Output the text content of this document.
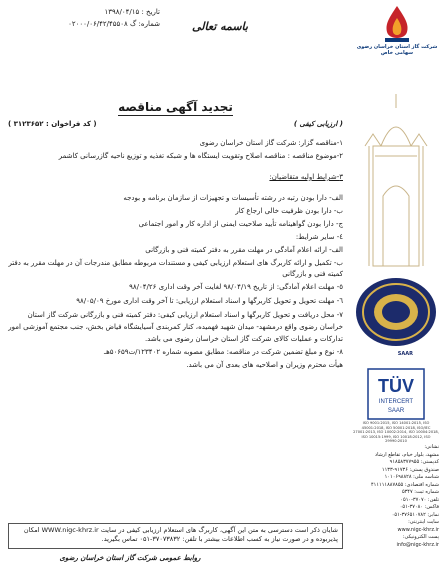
تاریخ : ۱۳۹۸/۰۴/۱۵
شماره: گ ۰۲۰۰۰/۰۶/۴۲/۴۵۵۰۸	باسمه تعالی
شرکت گاز استان خراسان رضوی
سهامی خاص
SAAR
TÜV
INTERCERT
SAAR
ISO 9001:2015, ISO 14001:2015, ISO 45001:2018, ISO 50001:2018, ISO/IEC 27001:2013, ISO 10002:2014, ISO 10004:2018, ISO 10015:1999, ISO 10018:2012, ISO 29990:2010
نشانی:
مشهد، بلوار خیام، تقاطع ارشاد
کدپستی: ۹۱۸۵۸۳۷۷۹۵۵
صندوق پستی: ۹۱۷۳۶-۱۱۳۳
شناسه ملی: ۱۰۱۰۶۹۸۸۲۸
شماره اقتصادی: ۴۱۱۱۱۱۸۸۷۸۵۵
شماره ثبت: ۵۳۴۷
تلفن: ۳۷۰۷۰-۰۵۱۰
فاکس: ۳۷۰۸۰-۰۵۱
نمابر: ۳۷۶۵۱۰۷۸۲-۰۵۱
سایت اینترنتی:
www.nigc-khrz.ir
پست الکترونیکی:
info@nigc-khrz.ir
تجدید آگهی مناقصه
( ارزیابی کیفی )
( کد فراخوان : ۳۱۲۳۶۵۲ )
۱-مناقصه گزار: شرکت گاز استان خراسان رضوی
۲-موضوع مناقصه : مناقصه اصلاح وتقویت ایستگاه ها و شبکه تغذیه و توزیع ناحیه گازرسانی کاشمر
۳-شرایط اولیه متقاضیان:
الف- دارا بودن رتبه در رشته تأسیسات و تجهیزات از سازمان برنامه و بودجه
ب- دارا بودن ظرفیت خالی ارجاع کار
ج- دارا بودن گواهینامه تأیید صلاحیت ایمنی از اداره کار و امور اجتماعی
٤- سایر شرایط:
الف- ارائه اعلام آمادگی در مهلت مقرر به دفتر کمیته فنی و بازرگانی
ب- تکمیل و ارائه کاربرگ های استعلام ارزیابی کیفی و مستندات مربوطه مطابق مندرجات آن در مهلت مقرر به دفتر کمیته فنی و بازرگانی
٥- مهلت اعلام آمادگی: از تاریخ ۹۸/۰۴/۱۹ لغایت آخر وقت اداری ۹۸/۰۴/۲۶
٦- مهلت تحویل و تحویل کاربرگها و اسناد استعلام ارزیابی: تا آخر وقت اداری مورخ ۹۸/۰۵/۰۹
۷- محل دریافت و تحویل کاربرگها و اسناد استعلام ارزیابی کیفی: دفتر کمیته فنی و بازرگانی شرکت گاز استان خراسان رضوی واقع درمشهد- میدان شهید فهمیده، کنار کمربندی آسیایشگاه فیاض بخش، جنب مجتمع آموزشی امور تدارکات و عملیات کالای شرکت گاز استان خراسان رضوی می باشد.
۸- نوع و مبلغ تضمین شرکت در مناقصه: مطابق مصوبه شماره ۱۲۳۴۰۲/ت۵۰۶۵۹هـ
هیأت محترم وزیران و اصلاحیه های بعدی آن می باشد.
شایان ذکر است دسترسی به متن این آگهی، کاربرگ های استعلام ارزیابی کیفی در سایت WWW.nigc-khrz.ir امکان پذیربوده و در صورت نیاز به کسب اطلاعات بیشتر با تلفن: ۳۷۰۷۳۸۳۲-۰۵۱ تماس بگیرید.
روابط عمومی شرکت گاز استان خراسان رضوی
